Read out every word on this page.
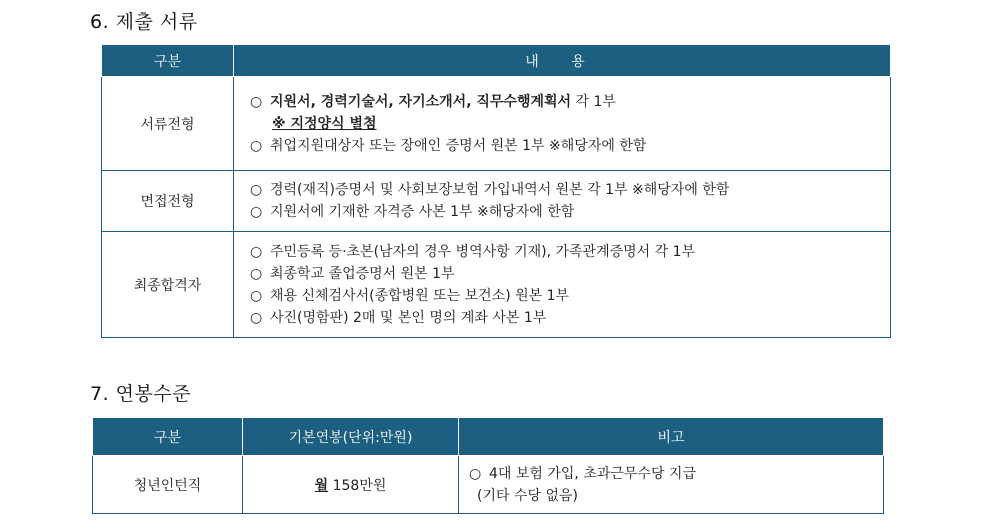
6. 제출 서류
구분	내 용
서류전형	○ 지원서, 경력기술서, 자기소개서, 직무수행계획서 각 1부
※ 지정양식 별첨
○ 취업지원대상자 또는 장애인 증명서 원본 1부 ※해당자에 한함

면접전형	○ 경력(재직)증명서 및 사회보장보험 가입내역서 원본 각 1부 ※해당자에 한함
○ 지원서에 기재한 자격증 사본 1부 ※해당자에 한함

최종합격자	○ 주민등록 등·초본(남자의 경우 병역사항 기재), 가족관계증명서 각 1부
○ 최종학교 졸업증명서 원본 1부
○ 채용 신체검사서(종합병원 또는 보건소) 원본 1부
○ 사진(명함판) 2매 및 본인 명의 계좌 사본 1부
7. 연봉수준
구분	기본연봉(단위:만원)	비고
청년인턴직	월 158만원	○ 4대 보험 가입, 초과근무수당 지급
(기타 수당 없음)
